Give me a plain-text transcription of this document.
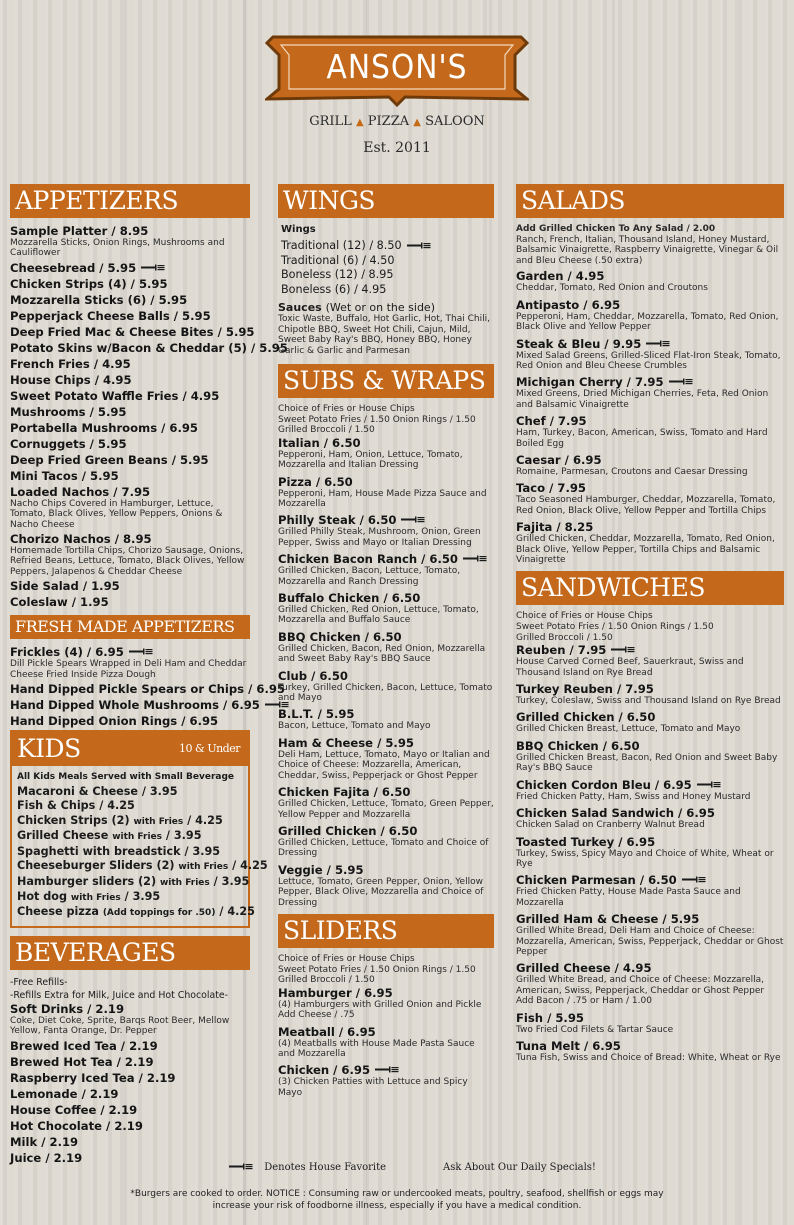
ANSON'S
GRILL ▲ PIZZA ▲ SALOON
Est. 2011
APPETIZERS
Sample Platter / 8.95
Mozzarella Sticks, Onion Rings, Mushrooms and Cauliflower
Cheesebread / 5.95
Chicken Strips (4) / 5.95
Mozzarella Sticks (6) / 5.95
Pepperjack Cheese Balls / 5.95
Deep Fried Mac & Cheese Bites / 5.95
Potato Skins w/Bacon & Cheddar (5) / 5.95
French Fries / 4.95
House Chips / 4.95
Sweet Potato Waffle Fries / 4.95
Mushrooms / 5.95
Portabella Mushrooms / 6.95
Cornuggets / 5.95
Deep Fried Green Beans / 5.95
Mini Tacos / 5.95
Loaded Nachos / 7.95
Nacho Chips Covered in Hamburger, Lettuce, Tomato, Black Olives, Yellow Peppers, Onions & Nacho Cheese
Chorizo Nachos / 8.95
Homemade Tortilla Chips, Chorizo Sausage, Onions, Refried Beans, Lettuce, Tomato, Black Olives, Yellow Peppers, Jalapenos & Cheddar Cheese
Side Salad / 1.95
Coleslaw / 1.95
FRESH MADE APPETIZERS
Frickles (4) / 6.95
Dill Pickle Spears Wrapped in Deli Ham and Cheddar Cheese Fried Inside Pizza Dough
Hand Dipped Pickle Spears or Chips / 6.95
Hand Dipped Whole Mushrooms / 6.95
Hand Dipped Onion Rings / 6.95
KIDS	10 & Under
All Kids Meals Served with Small Beverage
Macaroni & Cheese / 3.95
Fish & Chips / 4.25
Chicken Strips (2) with Fries / 4.25
Grilled Cheese with Fries / 3.95
Spaghetti with breadstick / 3.95
Cheeseburger Sliders (2) with Fries / 4.25
Hamburger sliders (2) with Fries / 3.95
Hot dog with Fries / 3.95
Cheese pizza (Add toppings for .50) / 4.25
BEVERAGES
-Free Refills-
-Refills Extra for Milk, Juice and Hot Chocolate-
Soft Drinks / 2.19
Coke, Diet Coke, Sprite, Barqs Root Beer, Mellow Yellow, Fanta Orange, Dr. Pepper
Brewed Iced Tea / 2.19
Brewed Hot Tea / 2.19
Raspberry Iced Tea / 2.19
Lemonade / 2.19
House Coffee / 2.19
Hot Chocolate / 2.19
Milk / 2.19
Juice / 2.19
WINGS
Wings
Traditional (12) / 8.50
Traditional (6) / 4.50
Boneless (12) / 8.95
Boneless (6) / 4.95
Sauces (Wet or on the side)
Toxic Waste, Buffalo, Hot Garlic, Hot, Thai Chili, Chipotle BBQ, Sweet Hot Chili, Cajun, Mild, Sweet Baby Ray's BBQ, Honey BBQ, Honey Garlic & Garlic and Parmesan
SUBS & WRAPS
Choice of Fries or House Chips
Sweet Potato Fries / 1.50 Onion Rings / 1.50
Grilled Broccoli / 1.50
Italian / 6.50
Pepperoni, Ham, Onion, Lettuce, Tomato, Mozzarella and Italian Dressing
Pizza / 6.50
Pepperoni, Ham, House Made Pizza Sauce and Mozzarella
Philly Steak / 6.50
Grilled Philly Steak, Mushroom, Onion, Green Pepper, Swiss and Mayo or Italian Dressing
Chicken Bacon Ranch / 6.50
Grilled Chicken, Bacon, Lettuce, Tomato, Mozzarella and Ranch Dressing
Buffalo Chicken / 6.50
Grilled Chicken, Red Onion, Lettuce, Tomato, Mozzarella and Buffalo Sauce
BBQ Chicken / 6.50
Grilled Chicken, Bacon, Red Onion, Mozzarella and Sweet Baby Ray's BBQ Sauce
Club / 6.50
Turkey, Grilled Chicken, Bacon, Lettuce, Tomato and Mayo
B.L.T. / 5.95
Bacon, Lettuce, Tomato and Mayo
Ham & Cheese / 5.95
Deli Ham, Lettuce, Tomato, Mayo or Italian and Choice of Cheese: Mozzarella, American, Cheddar, Swiss, Pepperjack or Ghost Pepper
Chicken Fajita / 6.50
Grilled Chicken, Lettuce, Tomato, Green Pepper, Yellow Pepper and Mozzarella
Grilled Chicken / 6.50
Grilled Chicken, Lettuce, Tomato and Choice of Dressing
Veggie / 5.95
Lettuce, Tomato, Green Pepper, Onion, Yellow Pepper, Black Olive, Mozzarella and Choice of Dressing
SLIDERS
Choice of Fries or House Chips
Sweet Potato Fries / 1.50 Onion Rings / 1.50
Grilled Broccoli / 1.50
Hamburger / 6.95
(4) Hamburgers with Grilled Onion and Pickle Add Cheese / .75
Meatball / 6.95
(4) Meatballs with House Made Pasta Sauce and Mozzarella
Chicken / 6.95
(3) Chicken Patties with Lettuce and Spicy Mayo
SALADS
Add Grilled Chicken To Any Salad / 2.00
Ranch, French, Italian, Thousand Island, Honey Mustard, Balsamic Vinaigrette, Raspberry Vinaigrette, Vinegar & Oil and Bleu Cheese (.50 extra)
Garden / 4.95
Cheddar, Tomato, Red Onion and Croutons
Antipasto / 6.95
Pepperoni, Ham, Cheddar, Mozzarella, Tomato, Red Onion, Black Olive and Yellow Pepper
Steak & Bleu / 9.95
Mixed Salad Greens, Grilled-Sliced Flat-Iron Steak, Tomato, Red Onion and Bleu Cheese Crumbles
Michigan Cherry / 7.95
Mixed Greens, Dried Michigan Cherries, Feta, Red Onion and Balsamic Vinaigrette
Chef / 7.95
Ham, Turkey, Bacon, American, Swiss, Tomato and Hard Boiled Egg
Caesar / 6.95
Romaine, Parmesan, Croutons and Caesar Dressing
Taco / 7.95
Taco Seasoned Hamburger, Cheddar, Mozzarella, Tomato, Red Onion, Black Olive, Yellow Pepper and Tortilla Chips
Fajita / 8.25
Grilled Chicken, Cheddar, Mozzarella, Tomato, Red Onion, Black Olive, Yellow Pepper, Tortilla Chips and Balsamic Vinaigrette
SANDWICHES
Choice of Fries or House Chips
Sweet Potato Fries / 1.50 Onion Rings / 1.50
Grilled Broccoli / 1.50
Reuben / 7.95
House Carved Corned Beef, Sauerkraut, Swiss and Thousand Island on Rye Bread
Turkey Reuben / 7.95
Turkey, Coleslaw, Swiss and Thousand Island on Rye Bread
Grilled Chicken / 6.50
Grilled Chicken Breast, Lettuce, Tomato and Mayo
BBQ Chicken / 6.50
Grilled Chicken Breast, Bacon, Red Onion and Sweet Baby Ray's BBQ Sauce
Chicken Cordon Bleu / 6.95
Fried Chicken Patty, Ham, Swiss and Honey Mustard
Chicken Salad Sandwich / 6.95
Chicken Salad on Cranberry Walnut Bread
Toasted Turkey / 6.95
Turkey, Swiss, Spicy Mayo and Choice of White, Wheat or Rye
Chicken Parmesan / 6.50
Fried Chicken Patty, House Made Pasta Sauce and Mozzarella
Grilled Ham & Cheese / 5.95
Grilled White Bread, Deli Ham and Choice of Cheese: Mozzarella, American, Swiss, Pepperjack, Cheddar or Ghost Pepper
Grilled Cheese / 4.95
Grilled White Bread, and Choice of Cheese: Mozzarella, American, Swiss, Pepperjack, Cheddar or Ghost Pepper Add Bacon / .75 or Ham / 1.00
Fish / 5.95
Two Fried Cod Filets & Tartar Sauce
Tuna Melt / 6.95
Tuna Fish, Swiss and Choice of Bread: White, Wheat or Rye
Denotes House Favorite	Ask About Our Daily Specials!
*Burgers are cooked to order. NOTICE : Consuming raw or undercooked meats, poultry, seafood, shellfish or eggs may
increase your risk of foodborne illness, especially if you have a medical condition.
